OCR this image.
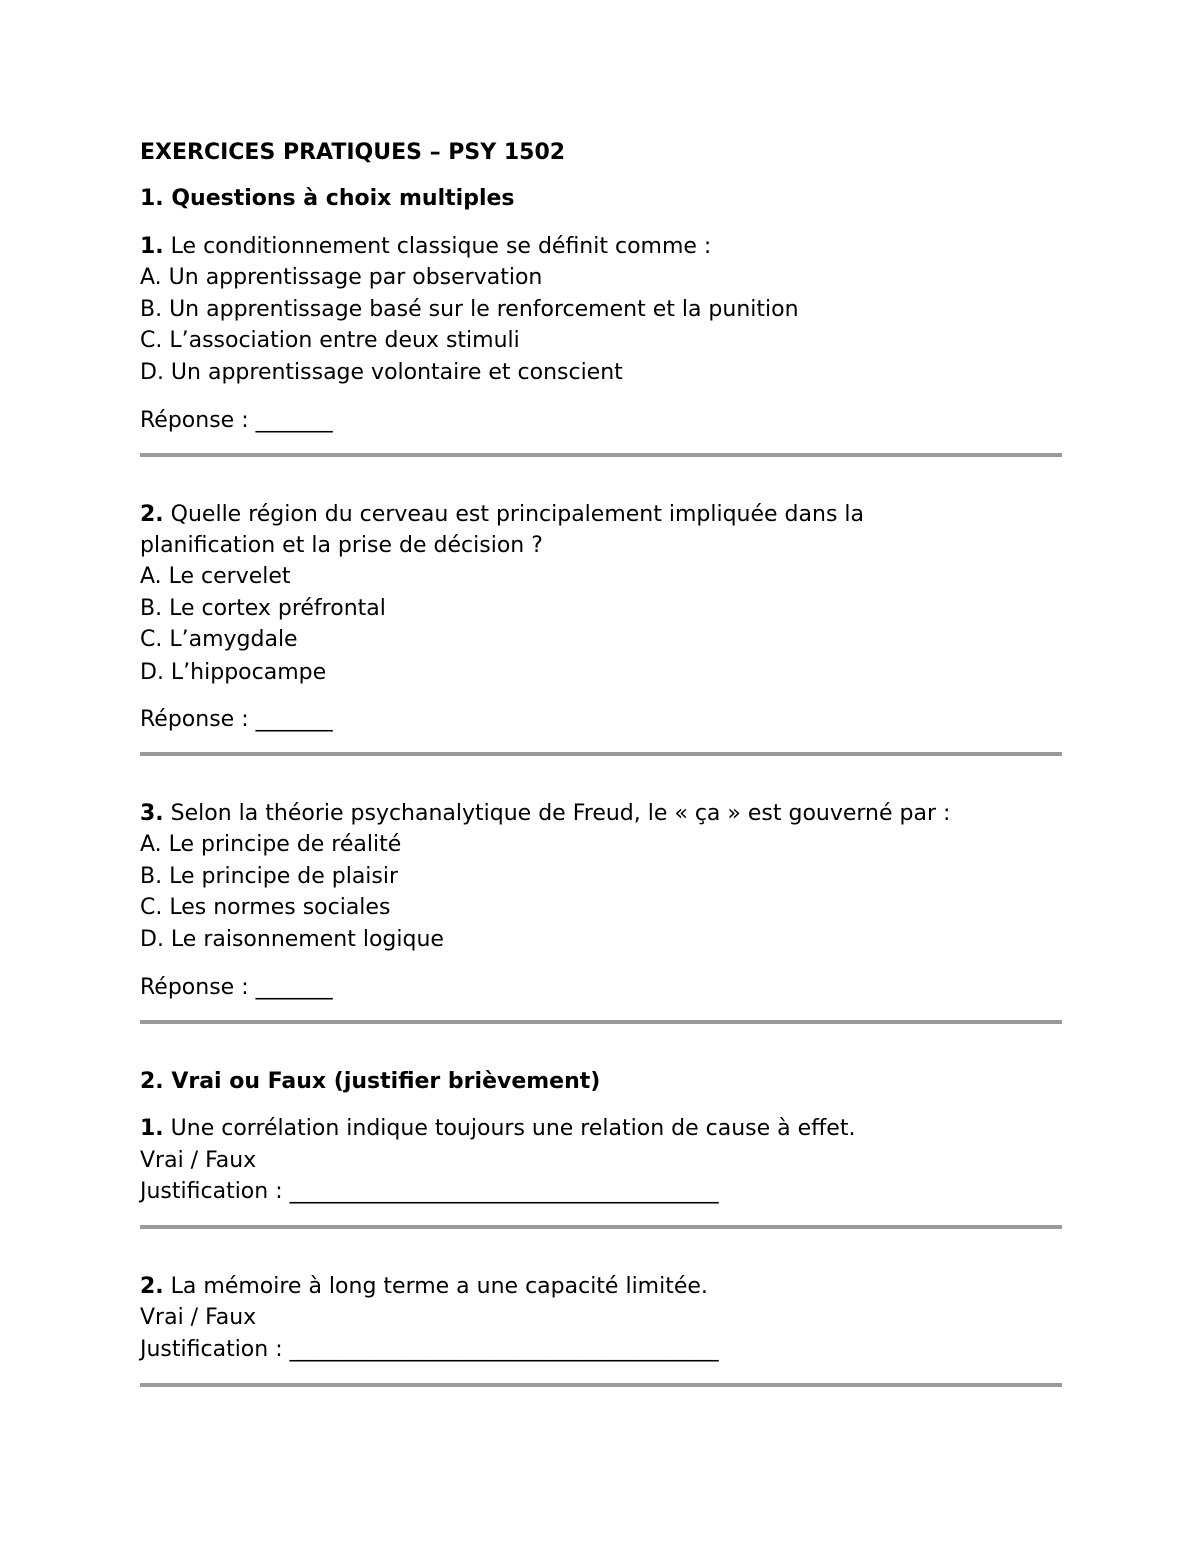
EXERCICES PRATIQUES – PSY 1502
1. Questions à choix multiples
1. Le conditionnement classique se définit comme :
A. Un apprentissage par observation
B. Un apprentissage basé sur le renforcement et la punition
C. L’association entre deux stimuli
D. Un apprentissage volontaire et conscient
Réponse : _______
2. Quelle région du cerveau est principalement impliquée dans la
planification et la prise de décision ?
A. Le cervelet
B. Le cortex préfrontal
C. L’amygdale
D. L’hippocampe
Réponse : _______
3. Selon la théorie psychanalytique de Freud, le « ça » est gouverné par :
A. Le principe de réalité
B. Le principe de plaisir
C. Les normes sociales
D. Le raisonnement logique
Réponse : _______
2. Vrai ou Faux (justifier brièvement)
1. Une corrélation indique toujours une relation de cause à effet.
Vrai / Faux
Justification : _______________________________________
2. La mémoire à long terme a une capacité limitée.
Vrai / Faux
Justification : _______________________________________
